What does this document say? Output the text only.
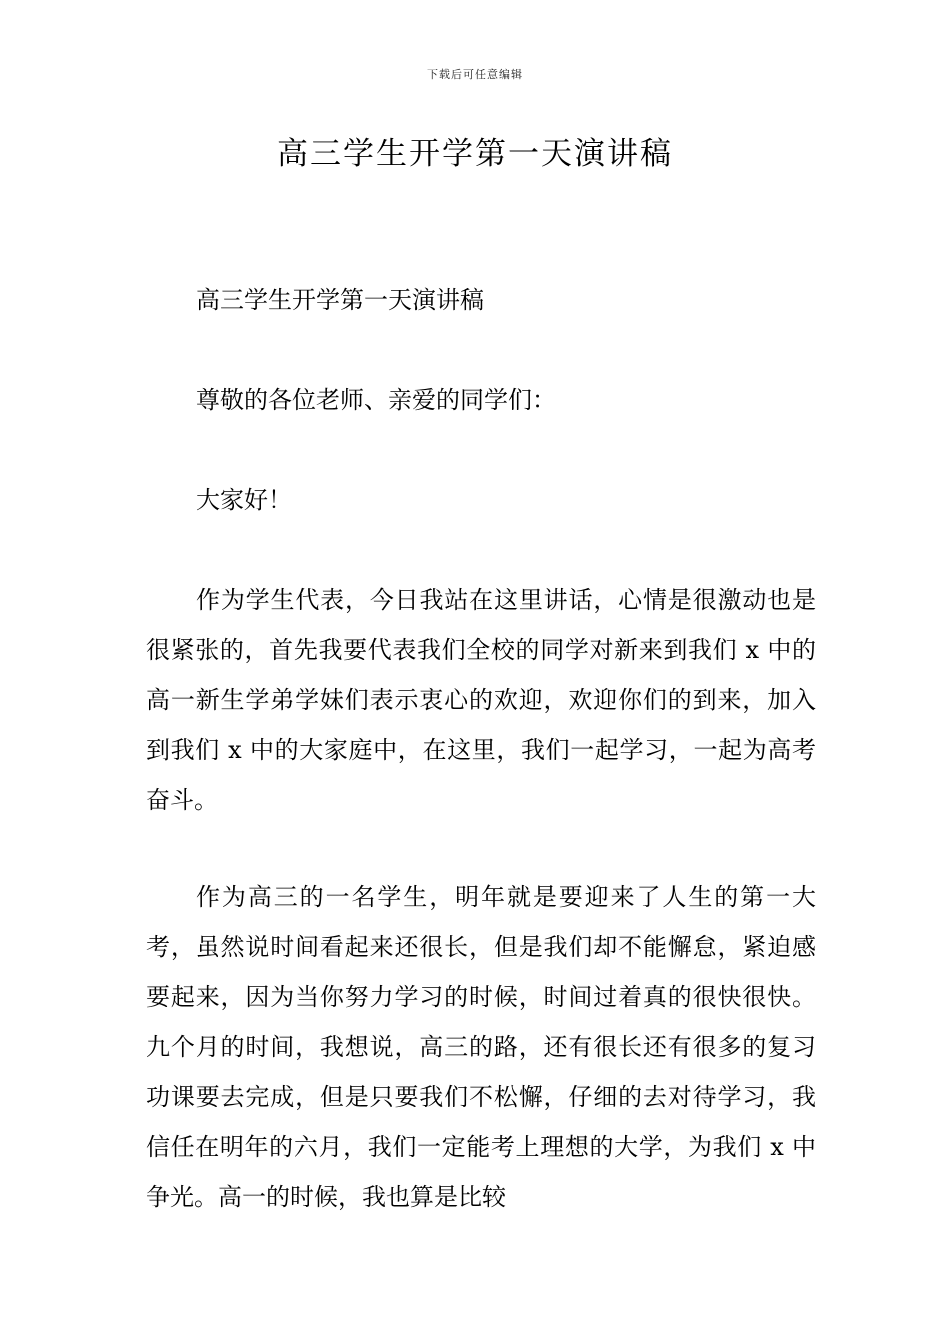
下载后可任意编辑
高三学生开学第一天演讲稿
高三学生开学第一天演讲稿
尊敬的各位老师、亲爱的同学们：
大家好！
作为学生代表，今日我站在这里讲话，心情是很激动也是很紧张的，首先我要代表我们全校的同学对新来到我们 x 中的高一新生学弟学妹们表示衷心的欢迎，欢迎你们的到来，加入到我们 x 中的大家庭中，在这里，我们一起学习，一起为高考奋斗。
作为高三的一名学生，明年就是要迎来了人生的第一大考，虽然说时间看起来还很长，但是我们却不能懈怠，紧迫感要起来，因为当你努力学习的时候，时间过着真的很快很快。九个月的时间，我想说，高三的路，还有很长还有很多的复习功课要去完成，但是只要我们不松懈，仔细的去对待学习，我信任在明年的六月，我们一定能考上理想的大学，为我们 x 中争光。高一的时候，我也算是比较
